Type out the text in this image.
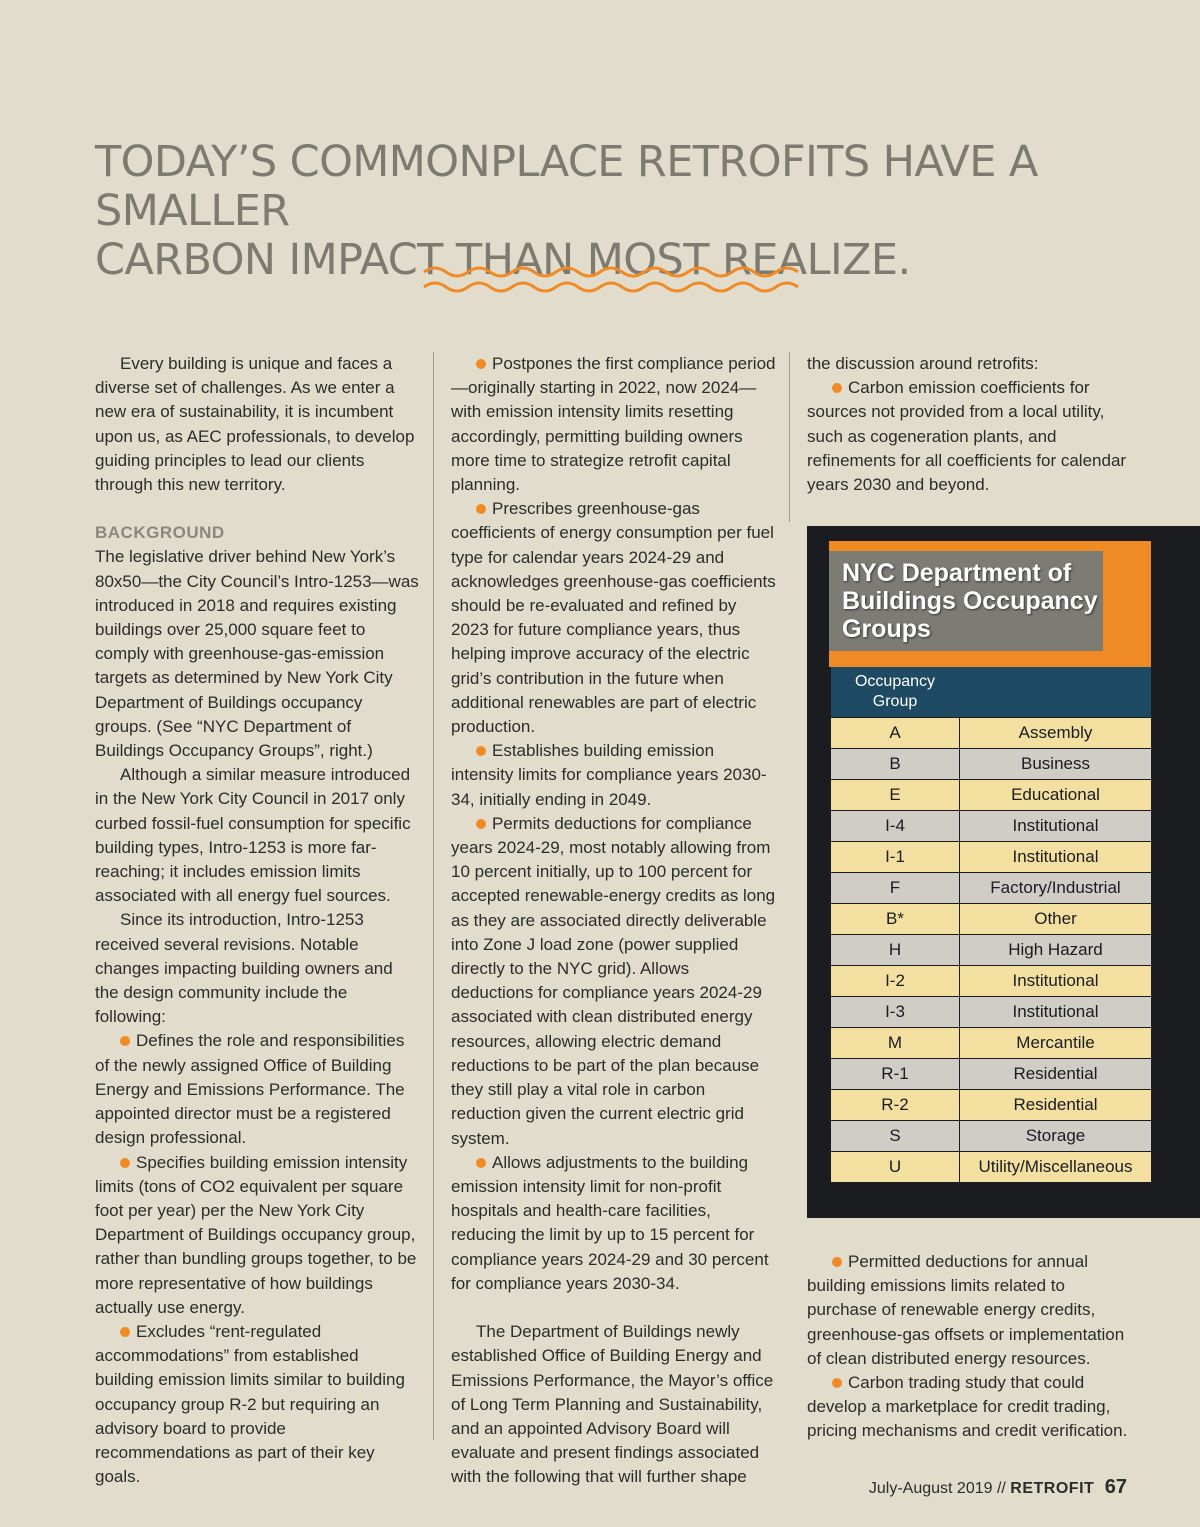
TODAY’S COMMONPLACE RETROFITS HAVE A SMALLER
CARBON IMPACT THAN MOST REALIZE.

Every building is unique and faces a diverse set of challenges. As we enter a new era of sustainability, it is incumbent upon us, as AEC professionals, to develop guiding principles to lead our clients through this new territory.

BACKGROUND

The legislative driver behind New York’s 80x50—the City Council’s Intro-1253—was introduced in 2018 and requires existing buildings over 25,000 square feet to comply with greenhouse-gas-emission targets as determined by New York City Department of Buildings occupancy groups. (See “NYC Department of Buildings Occupancy Groups”, right.)

Although a similar measure introduced in the New York City Council in 2017 only curbed fossil-fuel consumption for specific building types, Intro-1253 is more far-reaching; it includes emission limits associated with all energy fuel sources.

Since its introduction, Intro-1253 received several revisions. Notable changes impacting building owners and the design community include the following:

Defines the role and responsibilities of the newly assigned Office of Building Energy and Emissions Performance. The appointed director must be a registered design professional.

Specifies building emission intensity limits (tons of CO2 equivalent per square foot per year) per the New York City Department of Buildings occupancy group, rather than bundling groups together, to be more representative of how buildings actually use energy.

Excludes “rent-regulated accommodations” from established building emission limits similar to building occupancy group R-2 but requiring an advisory board to provide recommendations as part of their key goals.

Postpones the first compliance period—originally starting in 2022, now 2024—with emission intensity limits resetting accordingly, permitting building owners more time to strategize retrofit capital planning.

Prescribes greenhouse-gas coefficients of energy consumption per fuel type for calendar years 2024-29 and acknowledges greenhouse-gas coefficients should be re-evaluated and refined by 2023 for future compliance years, thus helping improve accuracy of the electric grid’s contribution in the future when additional renewables are part of electric production.

Establishes building emission intensity limits for compliance years 2030-34, initially ending in 2049.

Permits deductions for compliance years 2024-29, most notably allowing from 10 percent initially, up to 100 percent for accepted renewable-energy credits as long as they are associated directly deliverable into Zone J load zone (power supplied directly to the NYC grid). Allows deductions for compliance years 2024-29 associated with clean distributed energy resources, allowing electric demand reductions to be part of the plan because they still play a vital role in carbon reduction given the current electric grid system.

Allows adjustments to the building emission intensity limit for non-profit hospitals and health-care facilities, reducing the limit by up to 15 percent for compliance years 2024-29 and 30 percent for compliance years 2030-34.

The Department of Buildings newly established Office of Building Energy and Emissions Performance, the Mayor’s office of Long Term Planning and Sustainability, and an appointed Advisory Board will evaluate and present findings associated with the following that will further shape

the discussion around retrofits:

Carbon emission coefficients for sources not provided from a local utility, such as cogeneration plants, and refinements for all coefficients for calendar years 2030 and beyond.

Permitted deductions for annual building emissions limits related to purchase of renewable energy credits, greenhouse-gas offsets or implementation of clean distributed energy resources.

Carbon trading study that could develop a marketplace for credit trading, pricing mechanisms and credit verification.

NYC Department of Buildings Occupancy Groups

Occupancy Group
A	Assembly
B	Business
E	Educational
I-4	Institutional
I-1	Institutional
F	Factory/Industrial
B*	Other
H	High Hazard
I-2	Institutional
I-3	Institutional
M	Mercantile
R-1	Residential
R-2	Residential
S	Storage
U	Utility/Miscellaneous
July-August 2019 // RETROFIT 67
